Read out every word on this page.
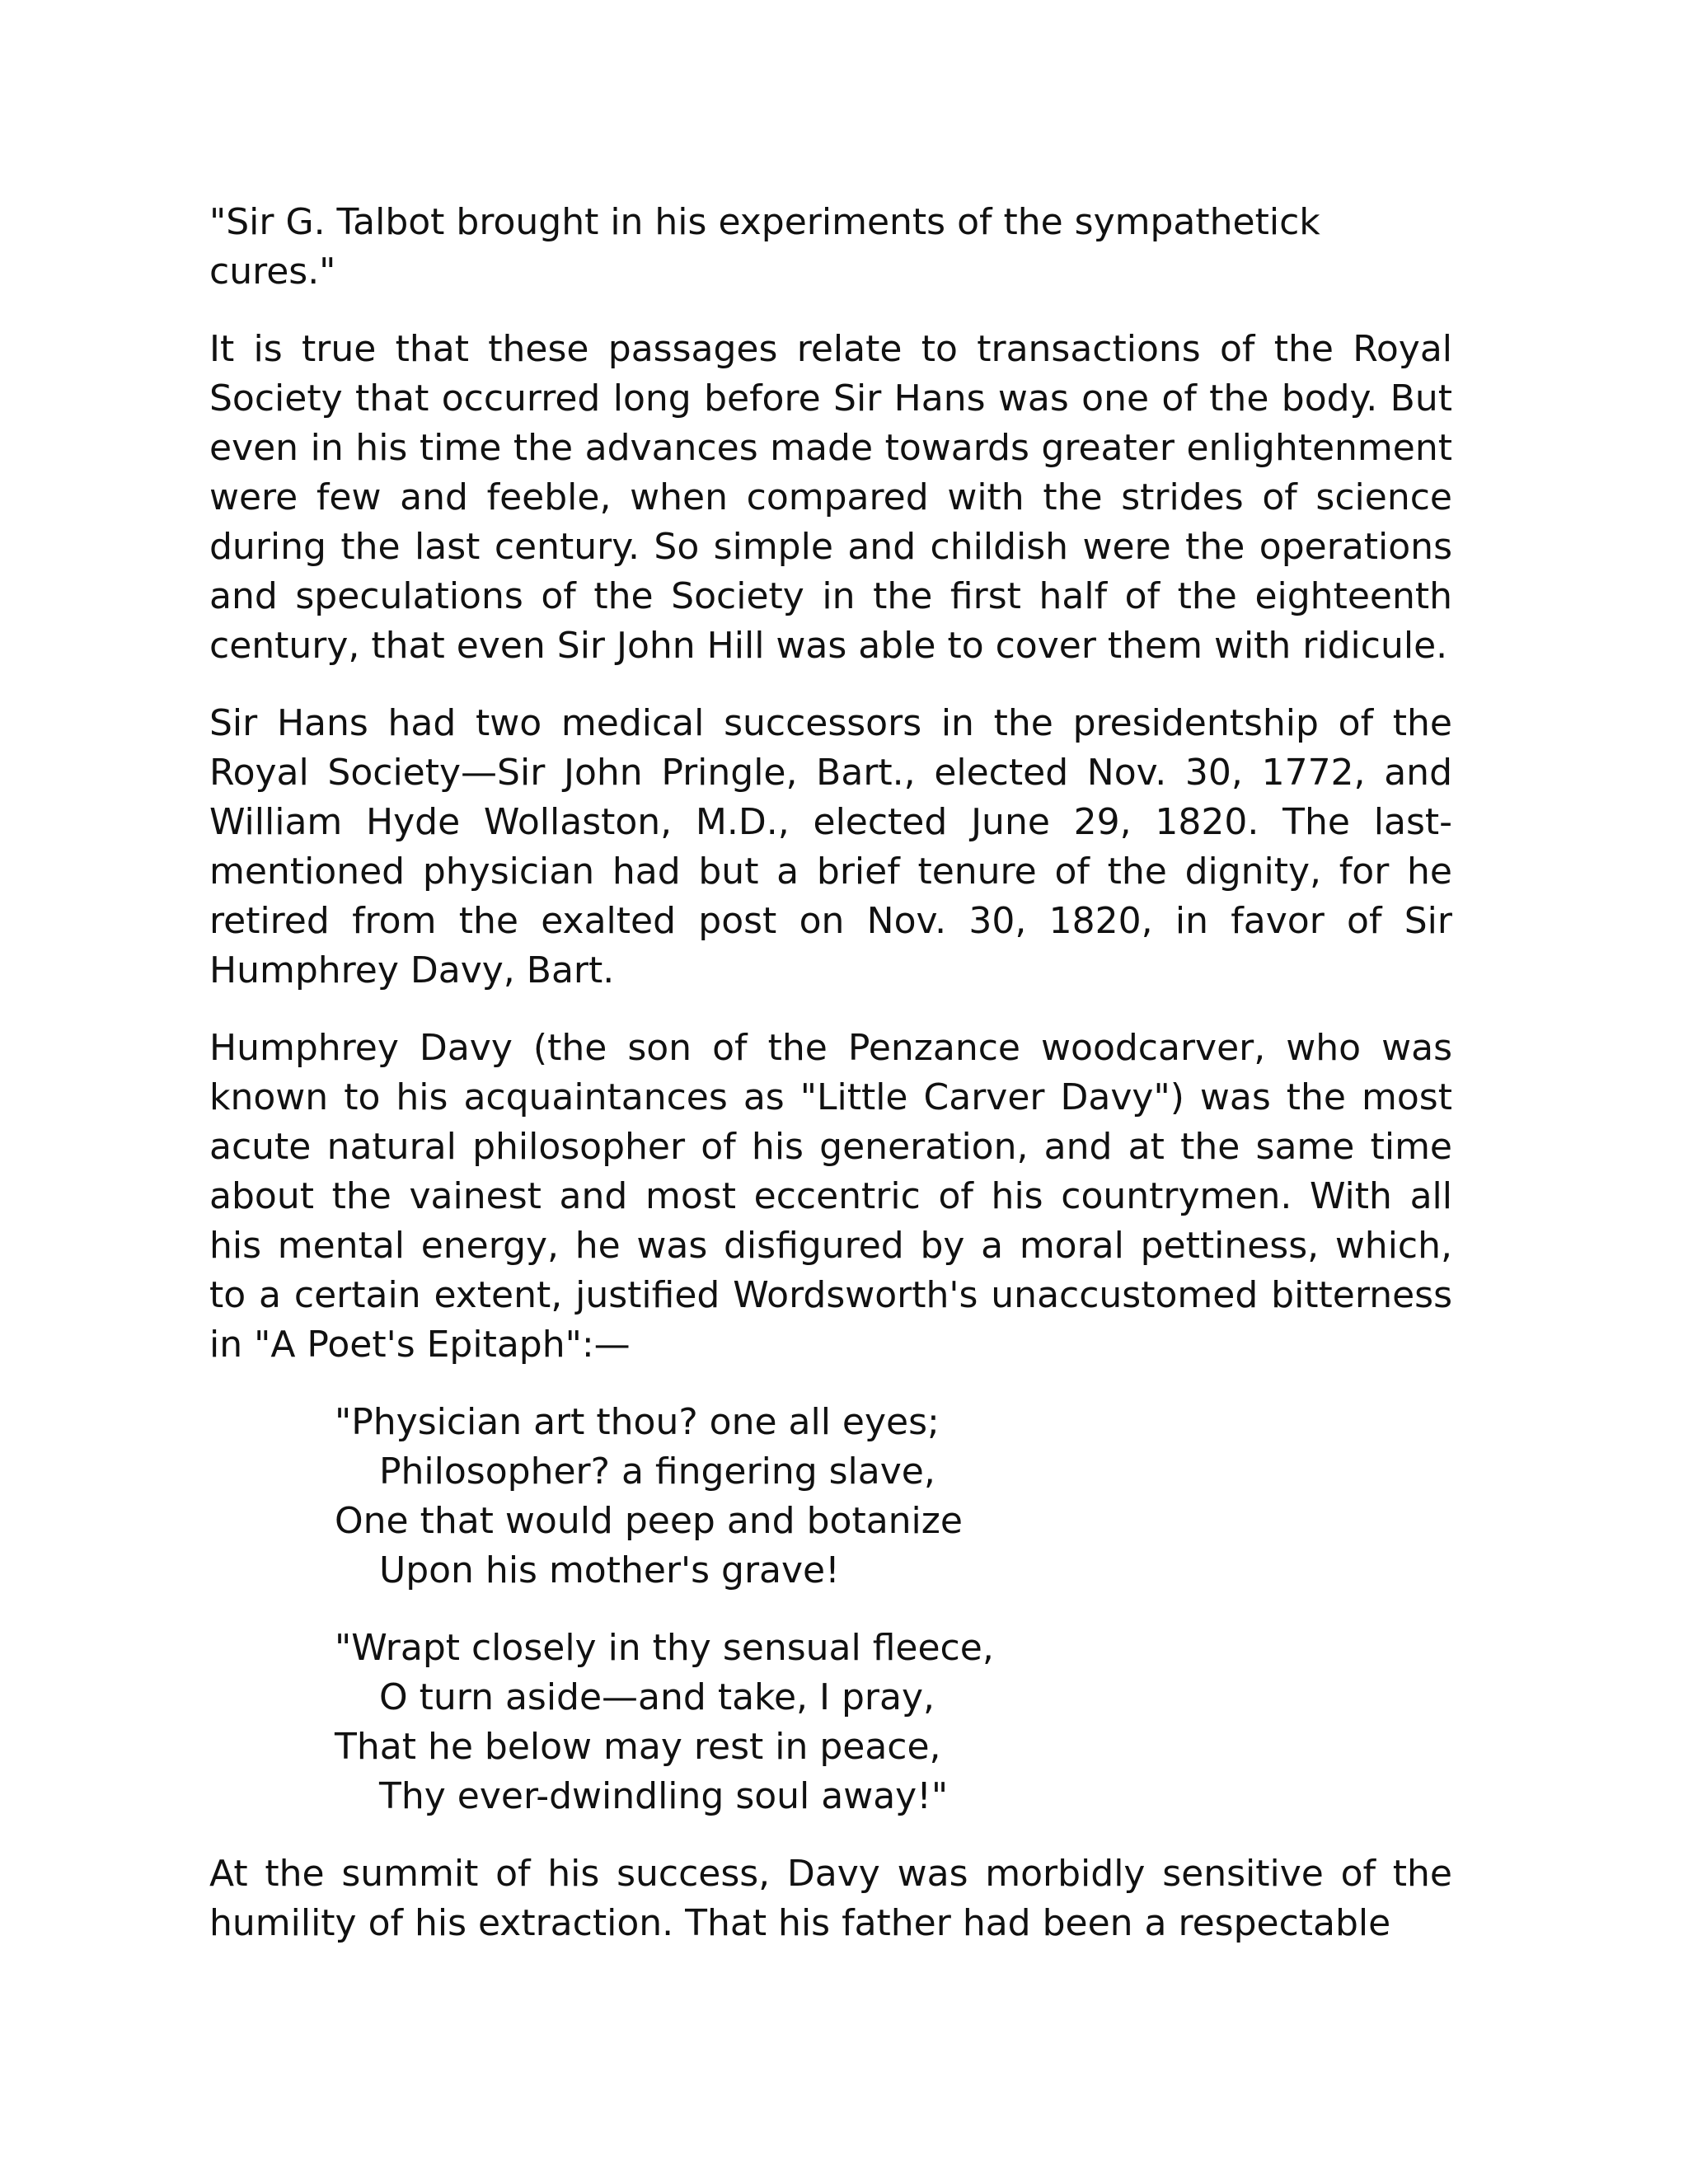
"Sir G. Talbot brought in his experiments of the sympathetick cures."

It is true that these passages relate to transactions of the Royal Society that occurred long before Sir Hans was one of the body. But even in his time the advances made towards greater enlightenment were few and feeble, when compared with the strides of science during the last century. So simple and childish were the operations and speculations of the Society in the first half of the eighteenth century, that even Sir John Hill was able to cover them with ridicule.

Sir Hans had two medical successors in the presidentship of the Royal Society—Sir John Pringle, Bart., elected Nov. 30, 1772, and William Hyde Wollaston, M.D., elected June 29, 1820. The last-mentioned physician had but a brief tenure of the dignity, for he retired from the exalted post on Nov. 30, 1820, in favor of Sir Humphrey Davy, Bart.

Humphrey Davy (the son of the Penzance woodcarver, who was known to his acquaintances as "Little Carver Davy") was the most acute natural philosopher of his generation, and at the same time about the vainest and most eccentric of his countrymen. With all his mental energy, he was disfigured by a moral pettiness, which, to a certain extent, justified Wordsworth's unaccustomed bitterness in "A Poet's Epitaph":—

"Physician art thou? one all eyes;
Philosopher? a fingering slave,
One that would peep and botanize
Upon his mother's grave!
"Wrapt closely in thy sensual fleece,
O turn aside—and take, I pray,
That he below may rest in peace,
Thy ever-dwindling soul away!"

At the summit of his success, Davy was morbidly sensitive of the humility of his extraction. That his father had been a respectable
